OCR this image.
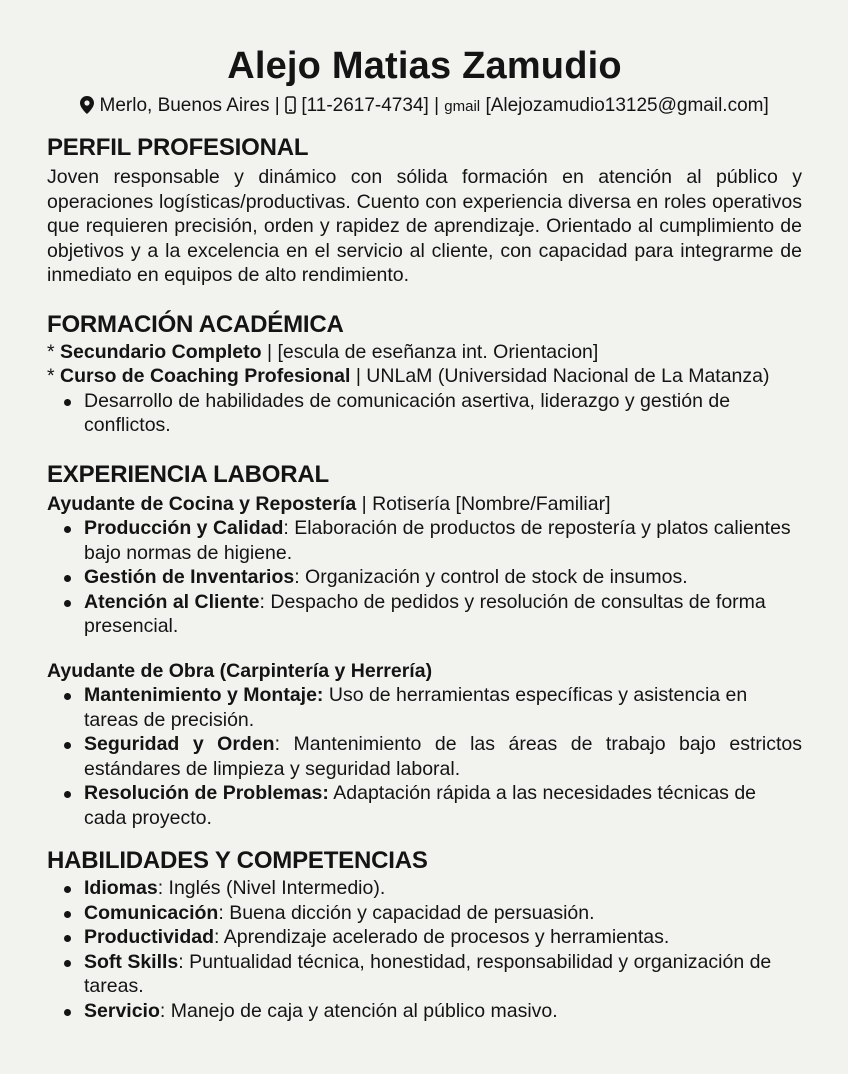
Alejo Matias Zamudio
Merlo, Buenos Aires |  [11-2617-4734] | gmail [Alejozamudio13125@gmail.com]
PERFIL PROFESIONAL

Joven responsable y dinámico con sólida formación en atención al público y operaciones logísticas/productivas. Cuento con experiencia diversa en roles operativos que requieren precisión, orden y rapidez de aprendizaje. Orientado al cumplimiento de objetivos y a la excelencia en el servicio al cliente, con capacidad para integrarme de inmediato en equipos de alto rendimiento.

FORMACIÓN ACADÉMICA

* Secundario Completo | [escula de eseñanza int. Orientacion]

* Curso de Coaching Profesional | UNLaM (Universidad Nacional de La Matanza)

Desarrollo de habilidades de comunicación asertiva, liderazgo y gestión de conflictos.
EXPERIENCIA LABORAL

Ayudante de Cocina y Repostería | Rotisería [Nombre/Familiar]

Producción y Calidad: Elaboración de productos de repostería y platos calientes bajo normas de higiene.
Gestión de Inventarios: Organización y control de stock de insumos.
Atención al Cliente: Despacho de pedidos y resolución de consultas de forma presencial.

Ayudante de Obra (Carpintería y Herrería)

Mantenimiento y Montaje: Uso de herramientas específicas y asistencia en tareas de precisión.
Seguridad y Orden: Mantenimiento de las áreas de trabajo bajo estrictos estándares de limpieza y seguridad laboral.
Resolución de Problemas: Adaptación rápida a las necesidades técnicas de cada proyecto.
HABILIDADES Y COMPETENCIAS
Idiomas: Inglés (Nivel Intermedio).
Comunicación: Buena dicción y capacidad de persuasión.
Productividad: Aprendizaje acelerado de procesos y herramientas.
Soft Skills: Puntualidad técnica, honestidad, responsabilidad y organización de tareas.
Servicio: Manejo de caja y atención al público masivo.
